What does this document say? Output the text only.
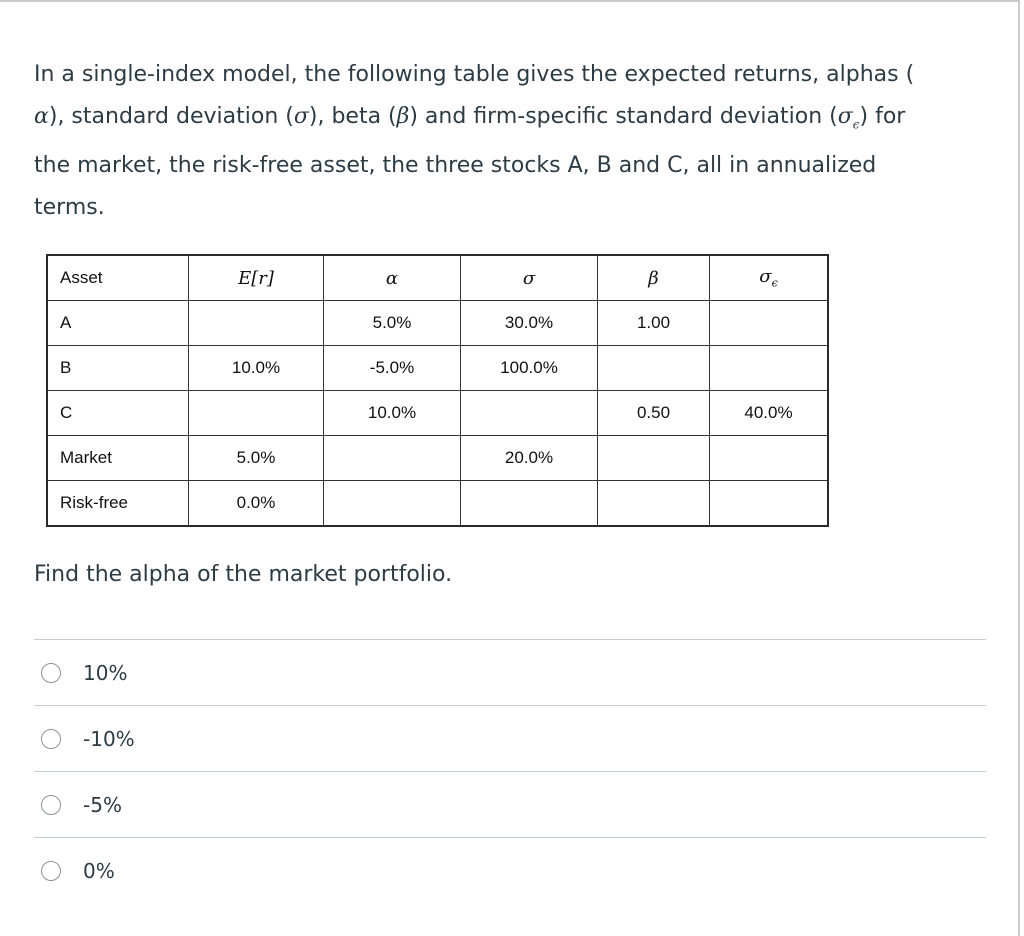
In a single-index model, the following table gives the expected returns, alphas (
α), standard deviation (σ), beta (β) and firm-specific standard deviation $(\sigma_\epsilon)$ for
the market, the risk-free asset, the three stocks A, B and C, all in annualized
terms.
Asset	E[r]	α	σ	β	$\sigma_\epsilon$
A		5.0%	30.0%	1.00	
B	10.0%	-5.0%	100.0%		
C		10.0%		0.50	40.0%
Market	5.0%		20.0%		
Risk-free	0.0%				
Find the alpha of the market portfolio.
10%
-10%
-5%
0%
